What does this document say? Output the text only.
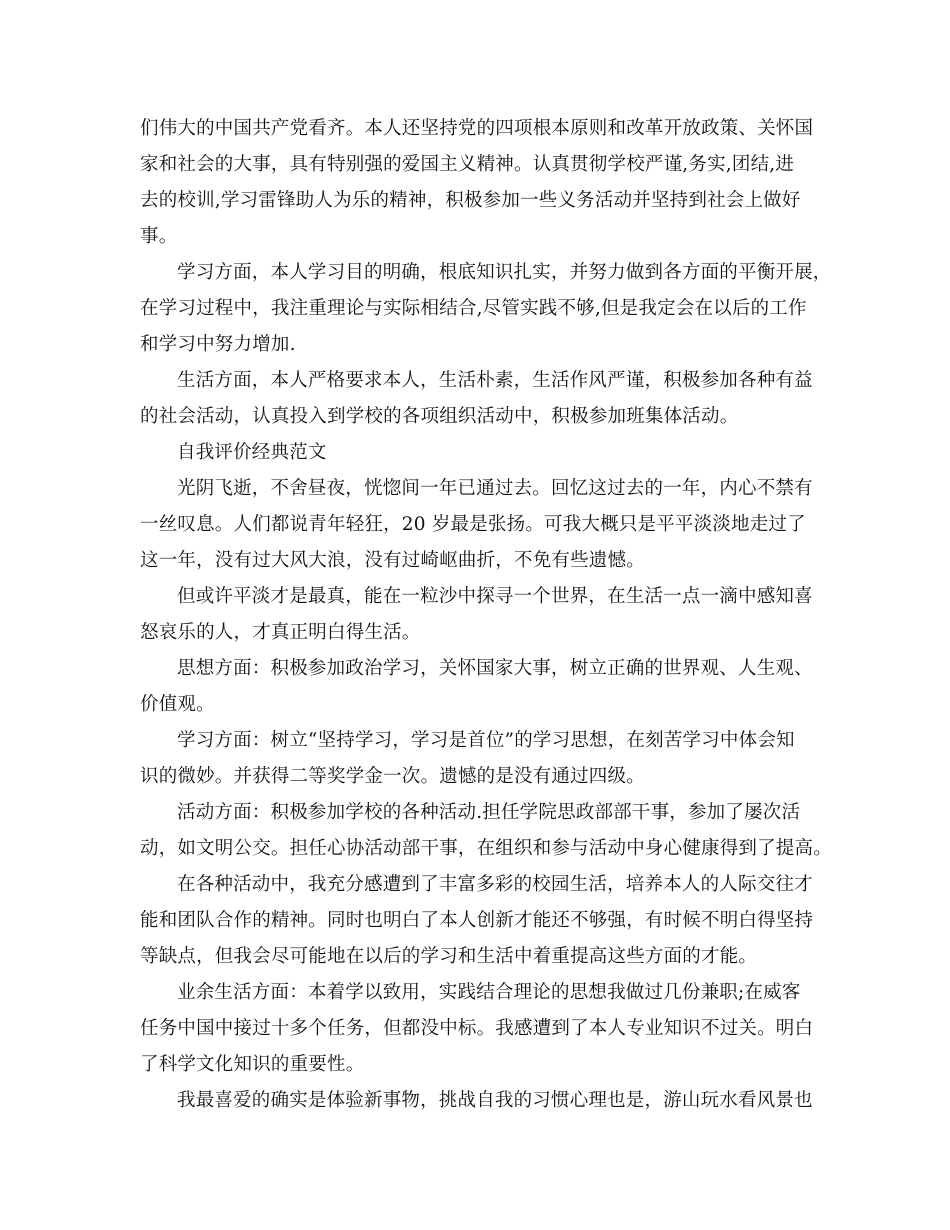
们伟大的中国共产党看齐。本人还坚持党的四项根本原则和改革开放政策、关怀国
家和社会的大事，具有特别强的爱国主义精神。认真贯彻学校严谨,务实,团结,进
去的校训,学习雷锋助人为乐的精神，积极参加一些义务活动并坚持到社会上做好
事。
学习方面，本人学习目的明确，根底知识扎实，并努力做到各方面的平衡开展，
在学习过程中，我注重理论与实际相结合,尽管实践不够,但是我定会在以后的工作
和学习中努力增加.
生活方面，本人严格要求本人，生活朴素，生活作风严谨，积极参加各种有益
的社会活动，认真投入到学校的各项组织活动中，积极参加班集体活动。
自我评价经典范文
光阴飞逝，不舍昼夜，恍惚间一年已通过去。回忆这过去的一年，内心不禁有
一丝叹息。人们都说青年轻狂，20 岁最是张扬。可我大概只是平平淡淡地走过了
这一年，没有过大风大浪，没有过崎岖曲折，不免有些遗憾。
但或许平淡才是最真，能在一粒沙中探寻一个世界，在生活一点一滴中感知喜
怒哀乐的人，才真正明白得生活。
思想方面：积极参加政治学习，关怀国家大事，树立正确的世界观、人生观、
价值观。
学习方面：树立“坚持学习，学习是首位”的学习思想，在刻苦学习中体会知
识的微妙。并获得二等奖学金一次。遗憾的是没有通过四级。
活动方面：积极参加学校的各种活动.担任学院思政部部干事，参加了屡次活
动，如文明公交。担任心协活动部干事，在组织和参与活动中身心健康得到了提高。
在各种活动中，我充分感遭到了丰富多彩的校园生活，培养本人的人际交往才
能和团队合作的精神。同时也明白了本人创新才能还不够强，有时候不明白得坚持
等缺点，但我会尽可能地在以后的学习和生活中着重提高这些方面的才能。
业余生活方面：本着学以致用，实践结合理论的思想我做过几份兼职;在威客
任务中国中接过十多个任务，但都没中标。我感遭到了本人专业知识不过关。明白
了科学文化知识的重要性。
我最喜爱的确实是体验新事物，挑战自我的习惯心理也是，游山玩水看风景也
